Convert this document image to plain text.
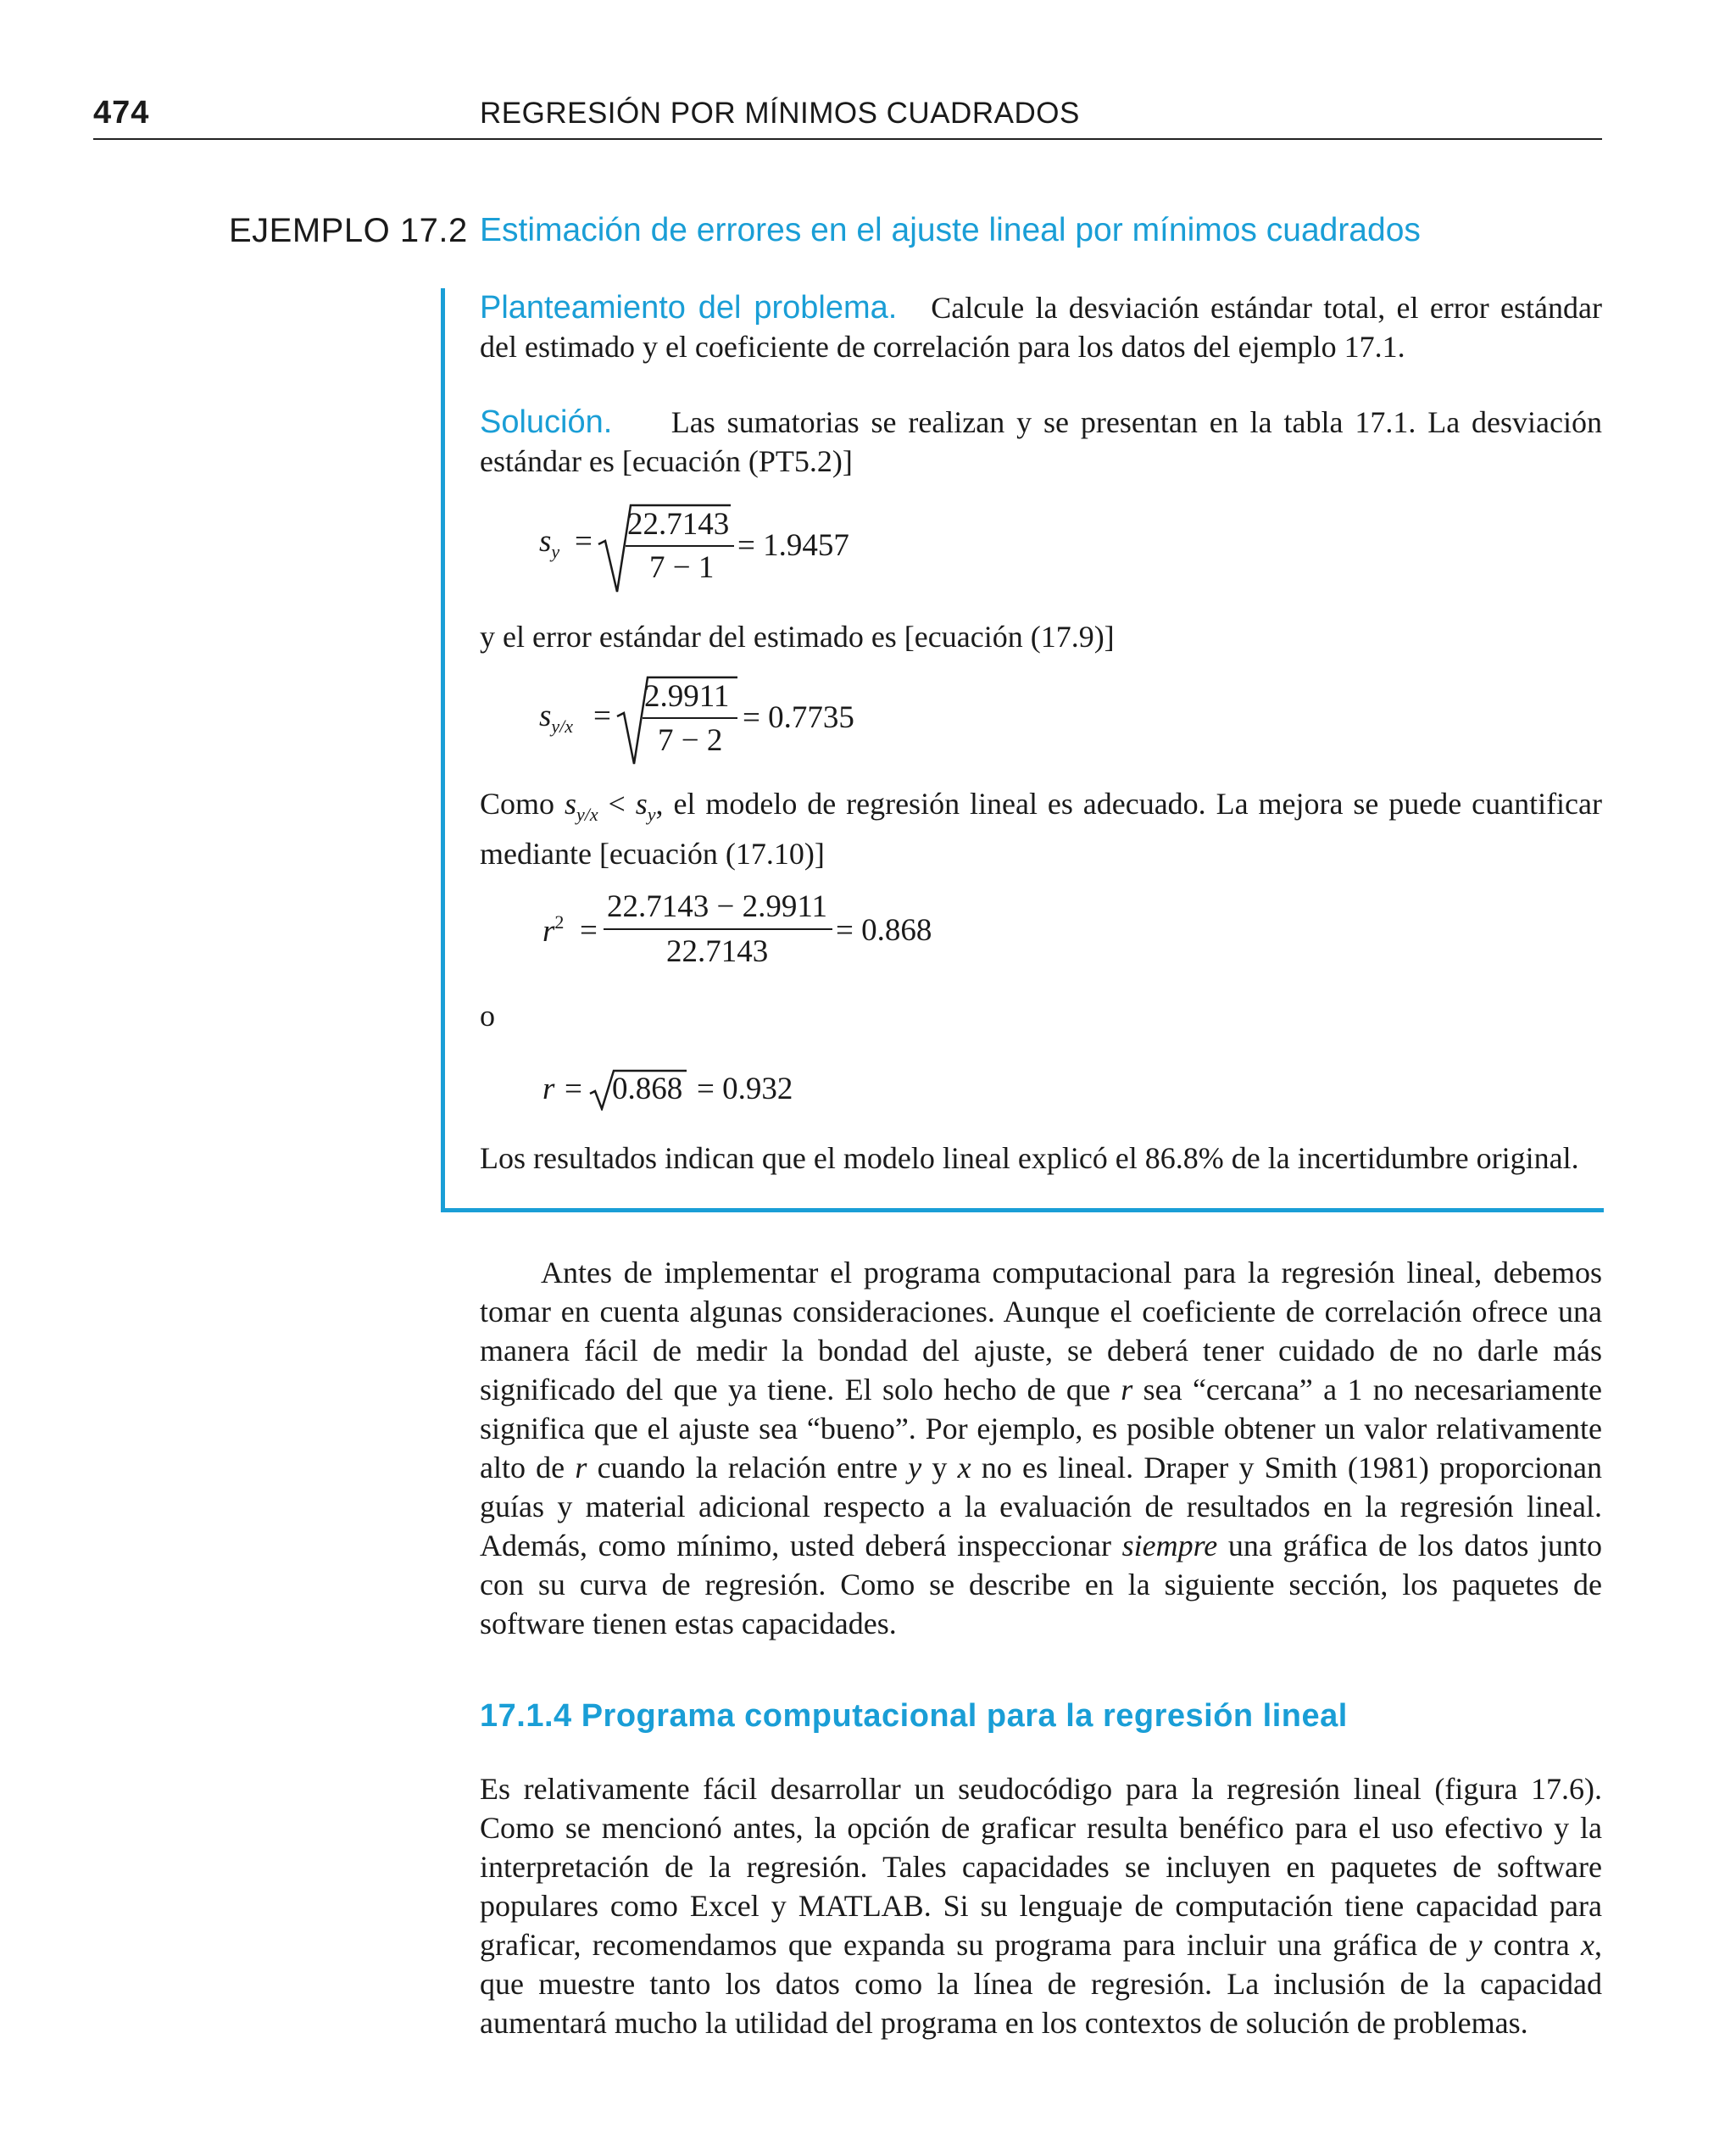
474	REGRESIÓN POR MÍNIMOS CUADRADOS
EJEMPLO 17.2 Estimación de errores en el ajuste lineal por mínimos cuadrados
Planteamiento del problema. Calcule la desviación estándar total, el error estándar del estimado y el coeficiente de correlación para los datos del ejemplo 17.1.
Solución. Las sumatorias se realizan y se presentan en la tabla 17.1. La desviación estándar es [ecuación (PT5.2)]
$s_y = 22.7143$
7 − 1
= 1.9457
y el error estándar del estimado es [ecuación (17.9)]
$s_{y/x}$ =
2.9911
7 − 2
= 0.7735
Como $s_{y/x} < s_y$, el modelo de regresión lineal es adecuado. La mejora se puede cuantificar mediante [ecuación (17.10)]
$r^2$ =
22.7143 − 2.9911
22.7143
= 0.868
o
r = 0.868 = 0.932
Los resultados indican que el modelo lineal explicó el 86.8% de la incertidumbre original.
Antes de implementar el programa computacional para la regresión lineal, debemos tomar en cuenta algunas consideraciones. Aunque el coeficiente de correlación ofrece una manera fácil de medir la bondad del ajuste, se deberá tener cuidado de no darle más significado del que ya tiene. El solo hecho de que r sea “cercana” a 1 no necesariamente significa que el ajuste sea “bueno”. Por ejemplo, es posible obtener un valor relativamente alto de r cuando la relación entre y y x no es lineal. Draper y Smith (1981) proporcionan guías y material adicional respecto a la evaluación de resultados en la regresión lineal. Además, como mínimo, usted deberá inspeccionar siempre una gráfica de los datos junto con su curva de regresión. Como se describe en la siguiente sección, los paquetes de software tienen estas capacidades.
17.1.4 Programa computacional para la regresión lineal
Es relativamente fácil desarrollar un seudocódigo para la regresión lineal (figura 17.6). Como se mencionó antes, la opción de graficar resulta benéfico para el uso efectivo y la interpretación de la regresión. Tales capacidades se incluyen en paquetes de software populares como Excel y MATLAB. Si su lenguaje de computación tiene capacidad para graficar, recomendamos que expanda su programa para incluir una gráfica de y contra x, que muestre tanto los datos como la línea de regresión. La inclusión de la capacidad aumentará mucho la utilidad del programa en los contextos de solución de problemas.
